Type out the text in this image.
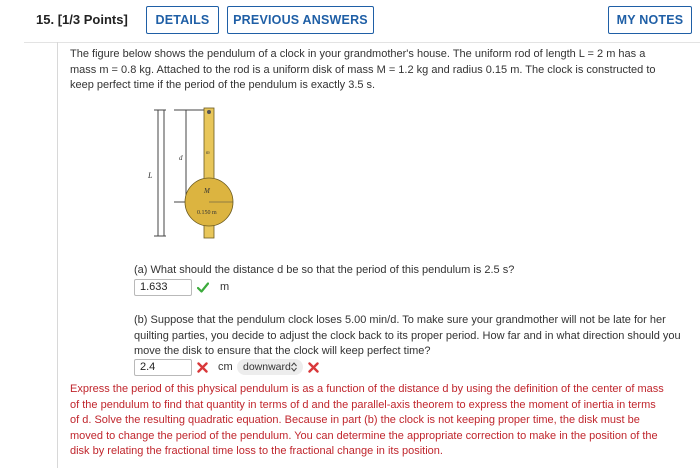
15. [1/3 Points]	DETAILS	PREVIOUS ANSWERS	MY NOTES
The figure below shows the pendulum of a clock in your grandmother's house. The uniform rod of length L = 2 m has a
mass m = 0.8 kg. Attached to the rod is a uniform disk of mass M = 1.2 kg and radius 0.15 m. The clock is constructed to
keep perfect time if the period of the pendulum is exactly 3.5 s.
L
d
m
M
0.150 m
(a) What should the distance d be so that the period of this pendulum is 2.5 s?
1.633	m
(b) Suppose that the pendulum clock loses 5.00 min/d. To make sure your grandmother will not be late for her
quilting parties, you decide to adjust the clock back to its proper period. How far and in what direction should you
move the disk to ensure that the clock will keep perfect time?
2.4	cm downward
Express the period of this physical pendulum is as a function of the distance d by using the definition of the center of mass
of the pendulum to find that quantity in terms of d and the parallel-axis theorem to express the moment of inertia in terms
of d. Solve the resulting quadratic equation. Because in part (b) the clock is not keeping proper time, the disk must be
moved to change the period of the pendulum. You can determine the appropriate correction to make in the position of the
disk by relating the fractional time loss to the fractional change in its position.
